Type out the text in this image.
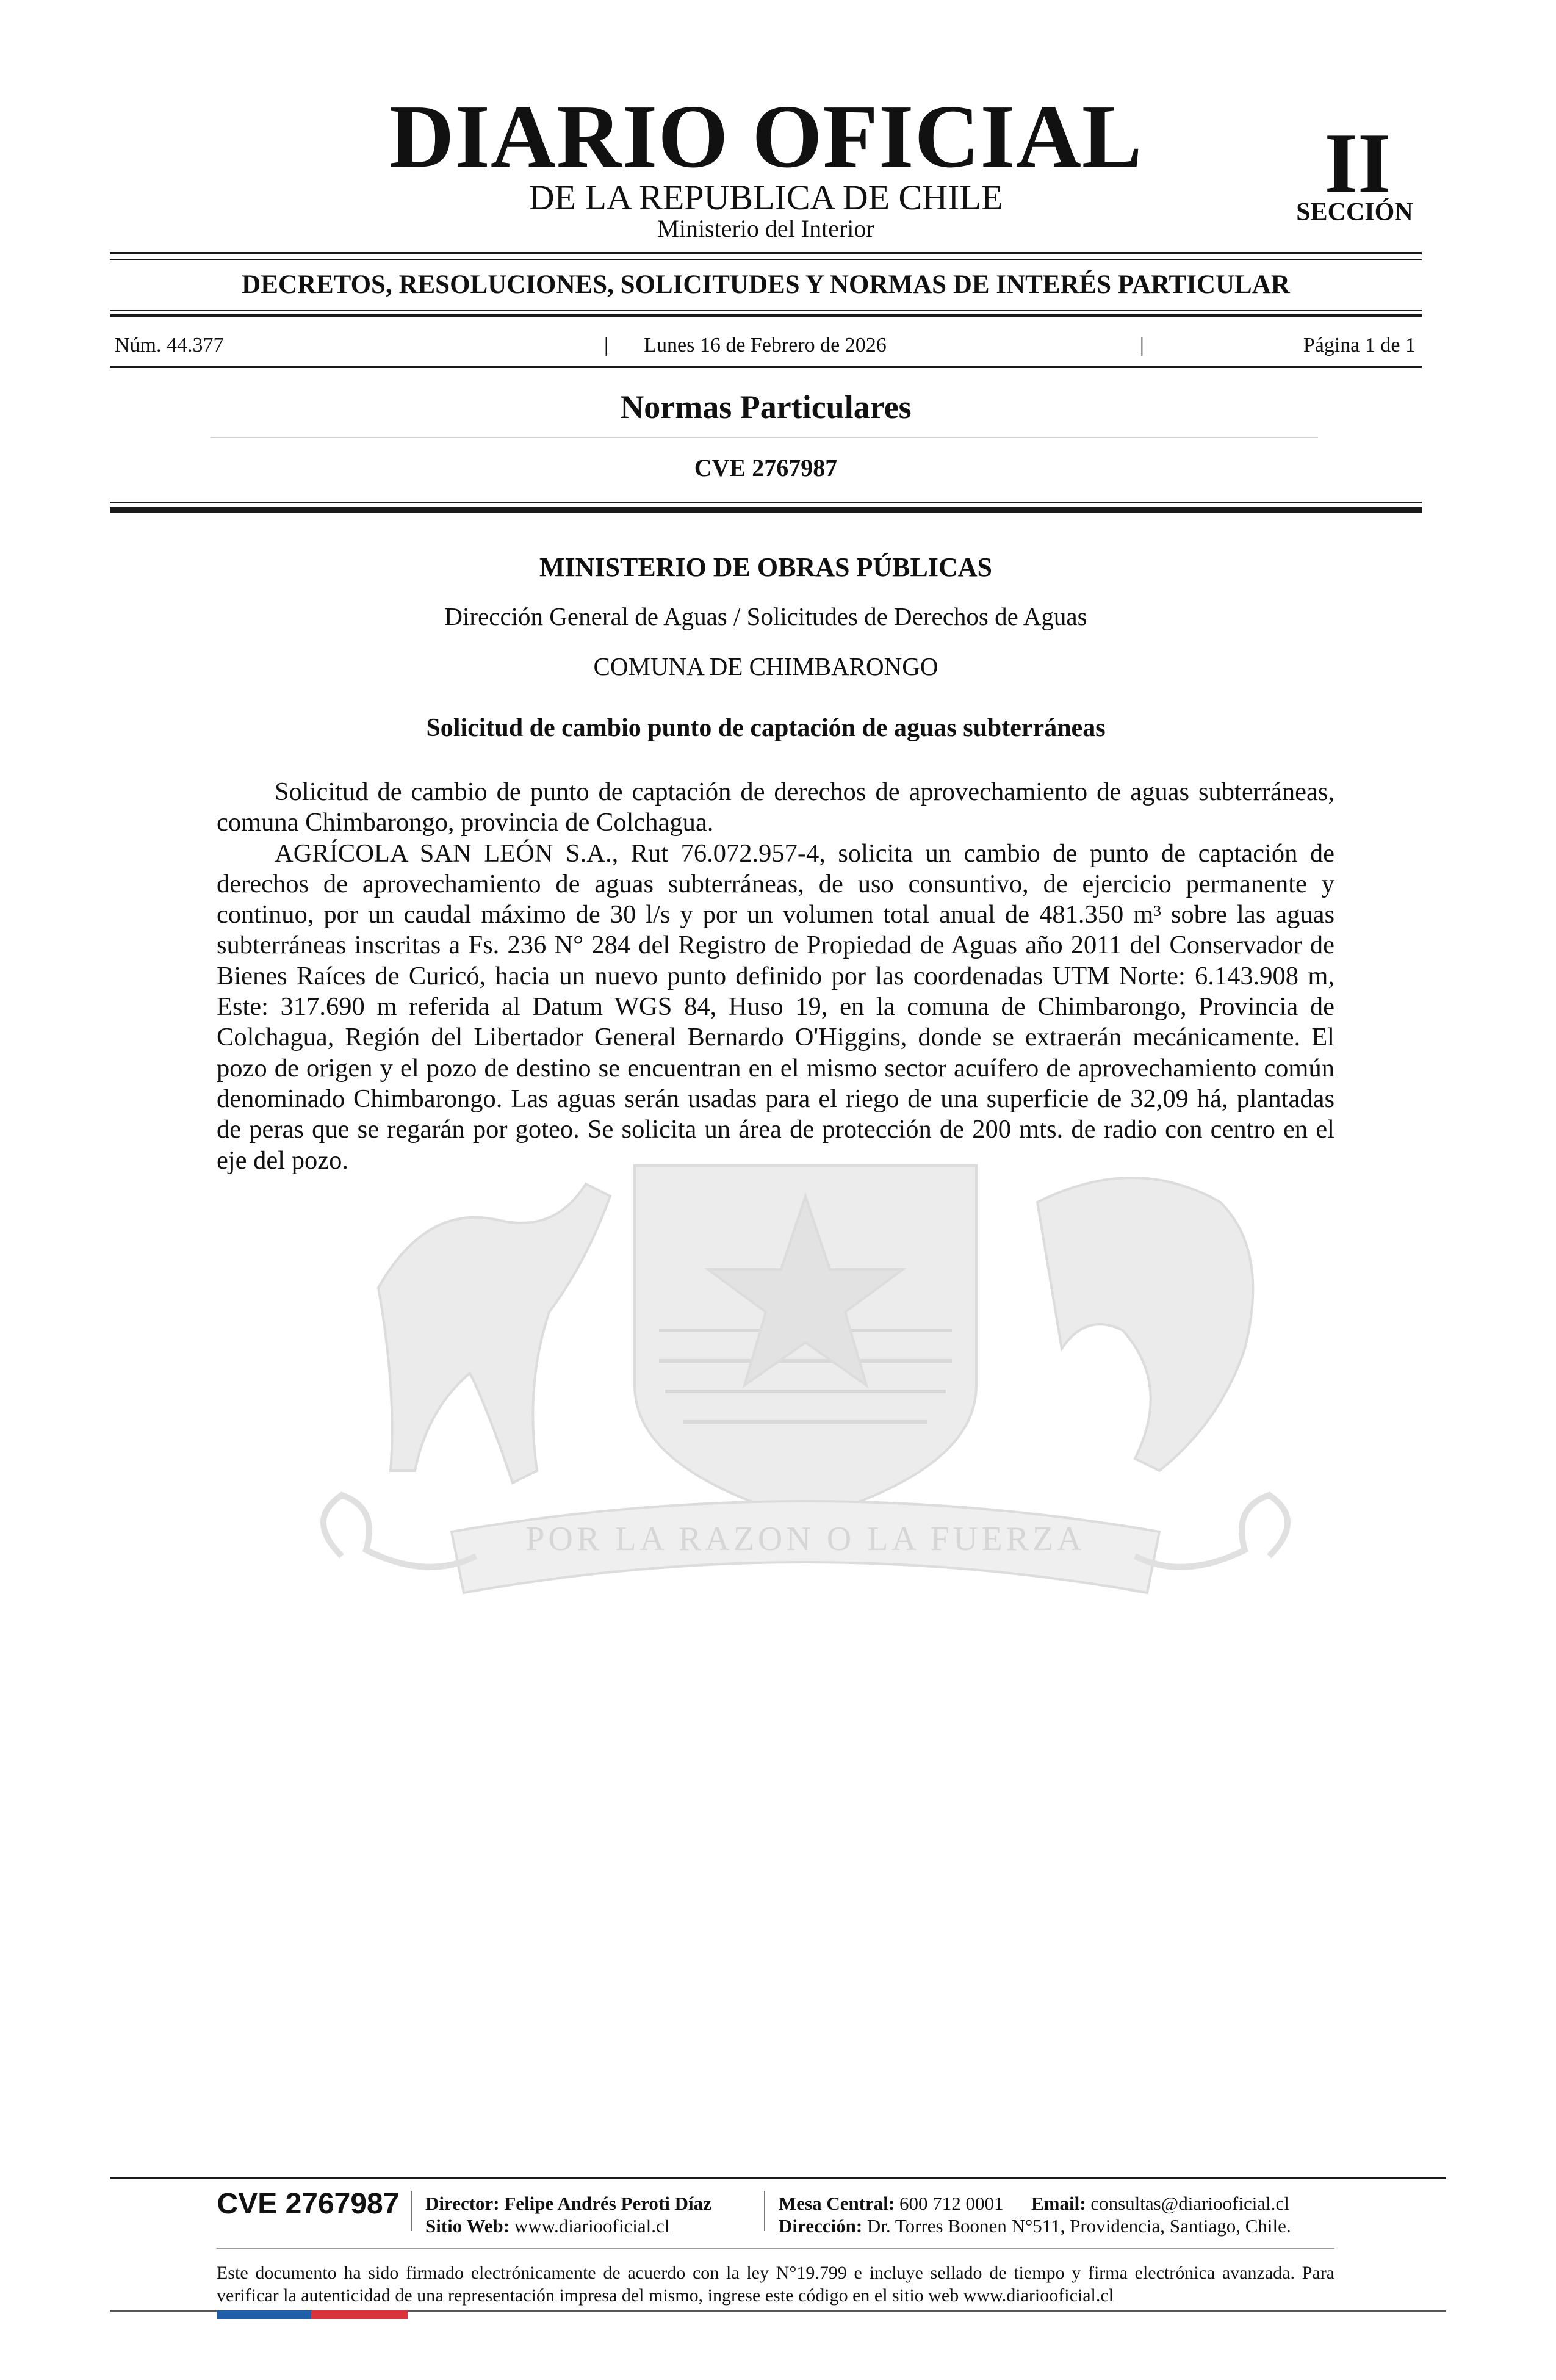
POR LA RAZON O LA FUERZA
DIARIO OFICIAL
DE LA REPUBLICA DE CHILE
Ministerio del Interior
II
SECCIÓN
DECRETOS, RESOLUCIONES, SOLICITUDES Y NORMAS DE INTERÉS PARTICULAR
Núm. 44.377	|	Lunes 16 de Febrero de 2026	|	Página 1 de 1
Normas Particulares
CVE 2767987
MINISTERIO DE OBRAS PÚBLICAS
Dirección General de Aguas / Solicitudes de Derechos de Aguas
COMUNA DE CHIMBARONGO
Solicitud de cambio punto de captación de aguas subterráneas

Solicitud de cambio de punto de captación de derechos de aprovechamiento de aguas subterráneas, comuna Chimbarongo, provincia de Colchagua.

AGRÍCOLA SAN LEÓN S.A., Rut 76.072.957-4, solicita un cambio de punto de captación de derechos de aprovechamiento de aguas subterráneas, de uso consuntivo, de ejercicio permanente y continuo, por un caudal máximo de 30 l/s y por un volumen total anual de 481.350 m³ sobre las aguas subterráneas inscritas a Fs. 236 N° 284 del Registro de Propiedad de Aguas año 2011 del Conservador de Bienes Raíces de Curicó, hacia un nuevo punto definido por las coordenadas UTM Norte: 6.143.908 m, Este: 317.690 m referida al Datum WGS 84, Huso 19, en la comuna de Chimbarongo, Provincia de Colchagua, Región del Libertador General Bernardo O'Higgins, donde se extraerán mecánicamente. El pozo de origen y el pozo de destino se encuentran en el mismo sector acuífero de aprovechamiento común denominado Chimbarongo. Las aguas serán usadas para el riego de una superficie de 32,09 há, plantadas de peras que se regarán por goteo. Se solicita un área de protección de 200 mts. de radio con centro en el eje del pozo.

CVE 2767987	Director: Felipe Andrés Peroti Díaz
Sitio Web: www.diariooficial.cl
Mesa Central: 600 712 0001 Email: consultas@diariooficial.cl
Dirección: Dr. Torres Boonen N°511, Providencia, Santiago, Chile.

Este documento ha sido firmado electrónicamente de acuerdo con la ley N°19.799 e incluye sellado de tiempo y firma electrónica avanzada. Para verificar la autenticidad de una representación impresa del mismo, ingrese este código en el sitio web www.diariooficial.cl
